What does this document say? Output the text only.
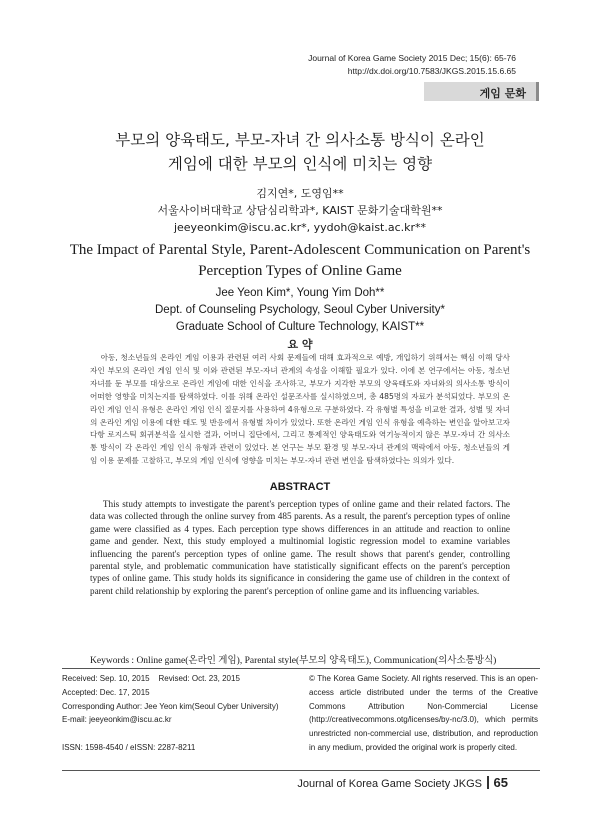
Journal of Korea Game Society 2015 Dec; 15(6): 65-76
http://dx.doi.org/10.7583/JKGS.2015.15.6.65
게임 문화
부모의 양육태도, 부모-자녀 간 의사소통 방식이 온라인
게임에 대한 부모의 인식에 미치는 영향
김지연*, 도영임**
서울사이버대학교 상담심리학과*, KAIST 문화기술대학원**
jeeyeonkim@iscu.ac.kr*, yydoh@kaist.ac.kr**
The Impact of Parental Style, Parent-Adolescent Communication on Parent's Perception Types of Online Game
Jee Yeon Kim*, Young Yim Doh**
Dept. of Counseling Psychology, Seoul Cyber University*
Graduate School of Culture Technology, KAIST**
요 약

아동, 청소년들의 온라인 게임 이용과 관련된 여러 사회 문제들에 대해 효과적으로 예방, 개입하기 위해서는 핵심 이해 당사자인 부모의 온라인 게임 인식 및 이와 관련된 부모-자녀 관계의 속성을 이해할 필요가 있다. 이에 본 연구에서는 아동, 청소년 자녀를 둔 부모를 대상으로 온라인 게임에 대한 인식을 조사하고, 부모가 지각한 부모의 양육태도와 자녀와의 의사소통 방식이 어떠한 영향을 미치는지를 탐색하였다. 이를 위해 온라인 설문조사를 실시하였으며, 총 485명의 자료가 분석되었다. 부모의 온라인 게임 인식 유형은 온라인 게임 인식 질문지를 사용하여 4유형으로 구분하였다. 각 유형별 특성을 비교한 결과, 성별 및 자녀의 온라인 게임 이용에 대한 태도 및 반응에서 유형별 차이가 있었다. 또한 온라인 게임 인식 유형을 예측하는 변인을 알아보고자 다항 로지스틱 회귀분석을 실시한 결과, 어머니 집단에서, 그리고 통제적인 양육태도와 역기능적이지 않은 부모-자녀 간 의사소통 방식이 각 온라인 게임 인식 유형과 관련이 있었다. 본 연구는 부모 환경 및 부모-자녀 관계의 맥락에서 아동, 청소년들의 게임 이용 문제를 고찰하고, 부모의 게임 인식에 영향을 미치는 부모-자녀 관련 변인을 탐색하였다는 의의가 있다.

ABSTRACT

This study attempts to investigate the parent's perception types of online game and their related factors. The data was collected through the online survey from 485 parents. As a result, the parent's perception types of online game were classified as 4 types. Each perception type shows differences in an attitude and reaction to online game and gender. Next, this study employed a multinomial logistic regression model to examine variables influencing the parent's perception types of online game. The result shows that parent's gender, controlling parental style, and problematic communication have statistically significant effects on the parent's perception types of online game. This study holds its significance in considering the game use of children in the context of parent child relationship by exploring the parent's perception of online game and its influencing variables.

Keywords : Online game(온라인 게임), Parental style(부모의 양육태도), Communication(의사소통방식)
Received: Sep. 10, 2015    Revised: Oct. 23, 2015
Accepted: Dec. 17, 2015
Corresponding Author: Jee Yeon kim(Seoul Cyber University)
E-mail: jeeyeonkim@iscu.ac.kr
ISSN: 1598-4540 / eISSN: 2287-8211

© The Korea Game Society. All rights reserved. This is an open-access article distributed under the terms of the Creative Commons Attribution Non-Commercial License (http://creativecommons.otg/licenses/by-nc/3.0), which permits unrestricted non-commercial use, distribution, and reproduction in any medium, provided the original work is properly cited.

Journal of Korea Game Society JKGS 65
